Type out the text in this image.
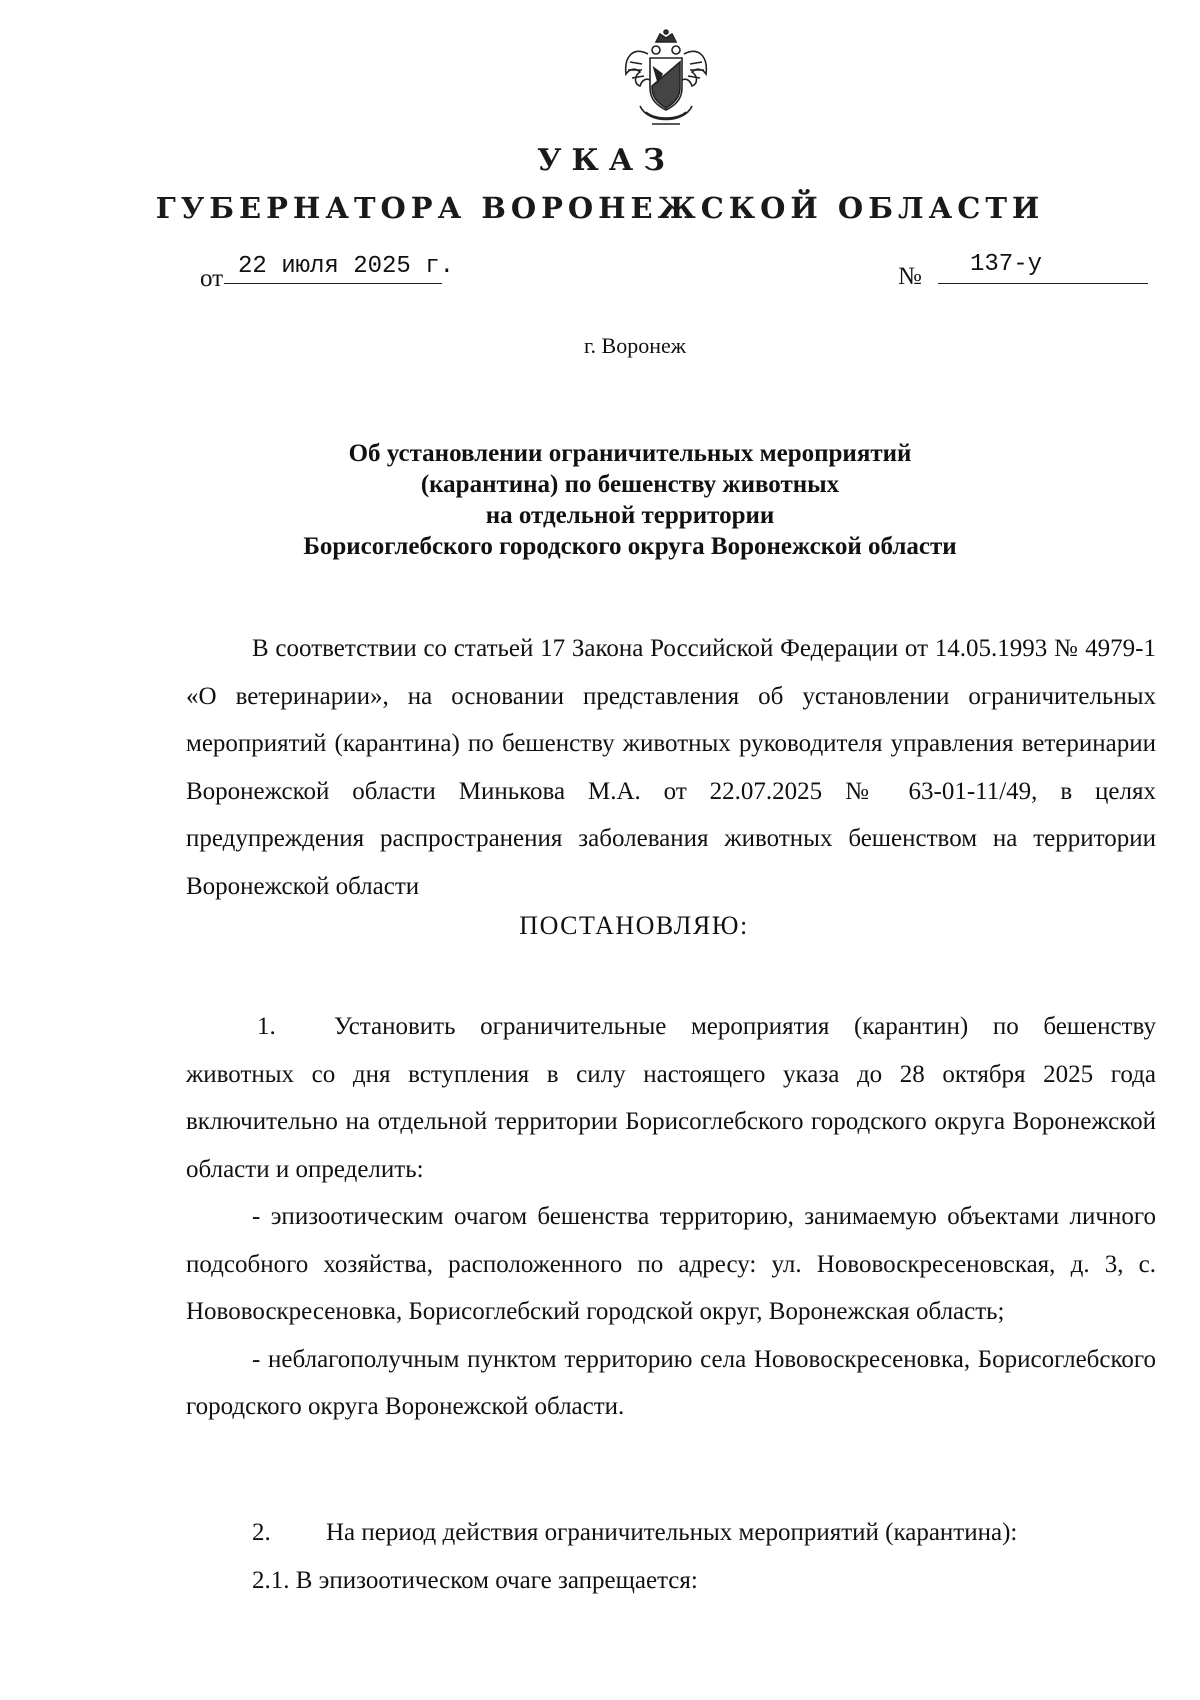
УКАЗ
ГУБЕРНАТОРА ВОРОНЕЖСКОЙ ОБЛАСТИ
от 22 июля 2025 г.	№ 137-у
г. Воронеж
Об установлении ограничительных мероприятий
(карантина) по бешенству животных
на отдельной территории
Борисоглебского городского округа Воронежской области

В соответствии со статьей 17 Закона Российской Федерации от 14.05.1993 № 4979-1 «О ветеринарии», на основании представления об установлении ограничительных мероприятий (карантина) по бешенству животных руководителя управления ветеринарии Воронежской области Минькова М.А. от 22.07.2025 № 63-01-11/49, в целях предупреждения распространения заболевания животных бешенством на территории Воронежской области

ПОСТАНОВЛЯЮ:

1. Установить ограничительные мероприятия (карантин) по бешенству животных со дня вступления в силу настоящего указа до 28 октября 2025 года включительно на отдельной территории Борисоглебского городского округа Воронежской области и определить:

- эпизоотическим очагом бешенства территорию, занимаемую объектами личного подсобного хозяйства, расположенного по адресу: ул. Нововоскресеновская, д. 3, с. Нововоскресеновка, Борисоглебский городской округ, Воронежская область;

- неблагополучным пунктом территорию села Нововоскресеновка, Борисоглебского городского округа Воронежской области.

2. На период действия ограничительных мероприятий (карантина):
2.1. В эпизоотическом очаге запрещается:
